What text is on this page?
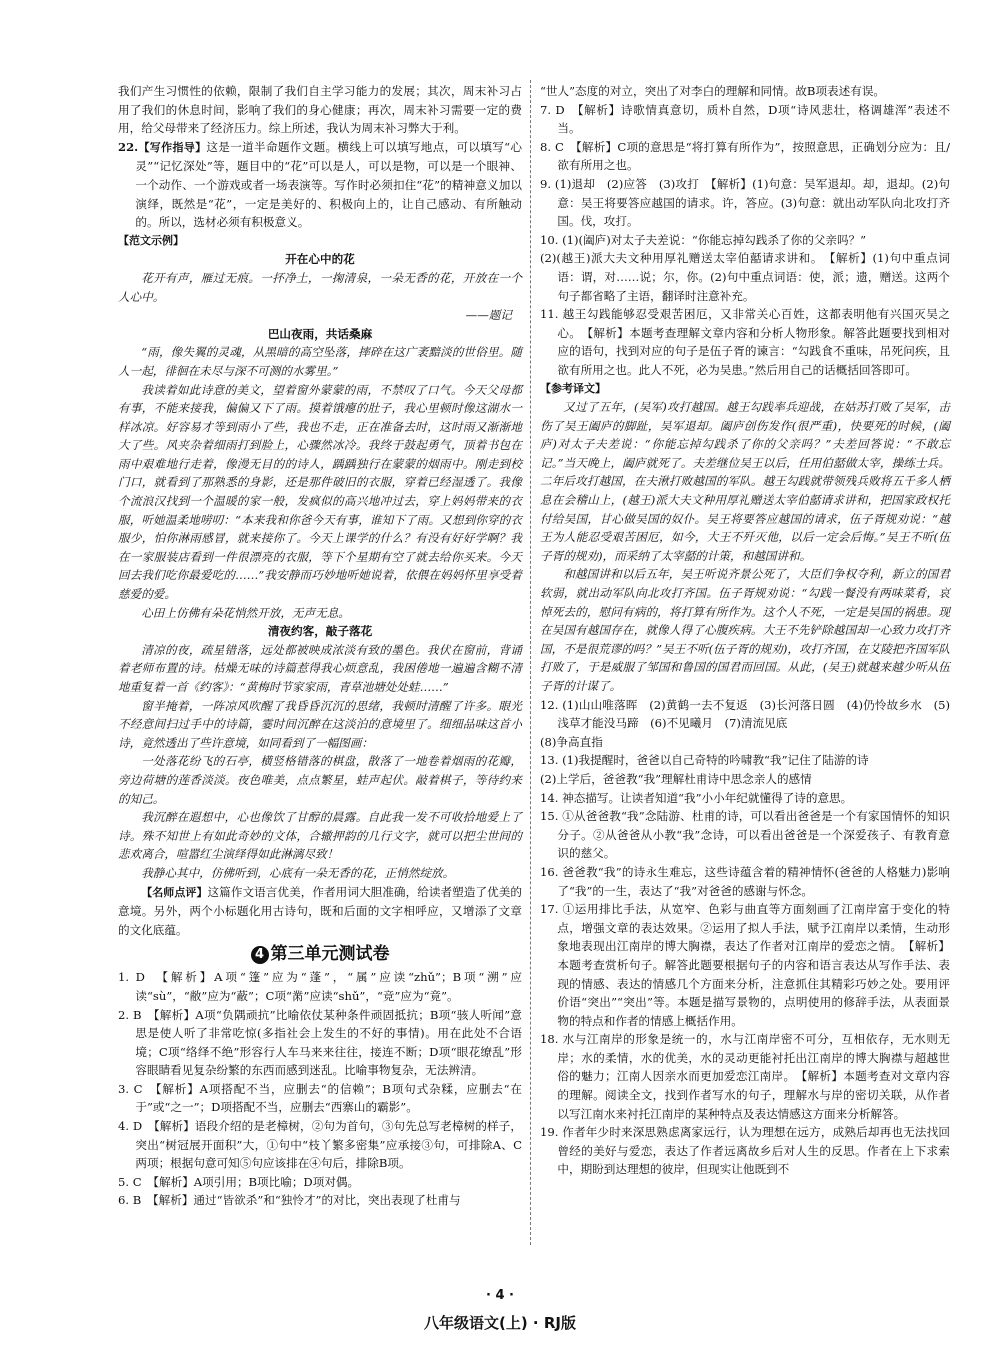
我们产生习惯性的依赖，限制了我们自主学习能力的发展；其次，周末补习占用了我们的休息时间，影响了我们的身心健康；再次，周末补习需要一定的费用，给父母带来了经济压力。综上所述，我认为周末补习弊大于利。

22.【写作指导】这是一道半命题作文题。横线上可以填写地点，可以填写“心灵”“记忆深处”等，题目中的“花”可以是人，可以是物，可以是一个眼神、一个动作、一个游戏或者一场表演等。写作时必须扣住“花”的精神意义加以演绎，既然是“花”，一定是美好的、积极向上的，让自己感动、有所触动的。所以，选材必须有积极意义。

【范文示例】

开在心中的花

花开有声，雁过无痕。一抔净土，一掬清泉，一朵无香的花，开放在一个人心中。

——题记

巴山夜雨，共话桑麻

“雨，像失翼的灵魂，从黑暗的高空坠落，摔碎在这广袤黯淡的世俗里。随人一起，徘徊在未尽与深不可测的水雾里。”

我读着如此诗意的美文，望着窗外蒙蒙的雨，不禁叹了口气。今天父母都有事，不能来接我，偏偏又下了雨。摸着饿瘪的肚子，我心里顿时像这湖水一样冰凉。好容易才等到雨小了些，我也不走，正在准备去时，这时雨又渐渐地大了些。风夹杂着细雨打到脸上，心骤然冰冷。我终于鼓起勇气，顶着书包在雨中艰难地行走着，像漫无目的的诗人，踽踽独行在蒙蒙的烟雨中。刚走到校门口，就看到了那熟悉的身影，还是那件破旧的衣服，穿着已经湿透了。我像个流浪汉找到一个温暖的家一般，发疯似的高兴地冲过去，穿上妈妈带来的衣服，听她温柔地唠叨：“本来我和你爸今天有事，谁知下了雨。又想到你穿的衣服少，怕你淋雨感冒，就来接你了。今天上课学的什么？有没有好好学啊？我在一家服装店看到一件很漂亮的衣服，等下个星期有空了就去给你买来。今天回去我们吃你最爱吃的……”我安静而巧妙地听她说着，依偎在妈妈怀里享受着慈爱的爱。

心田上仿佛有朵花悄然开放，无声无息。

清夜约客，敲子落花

清凉的夜，疏星错落，远处都被映成浓淡有致的墨色。我伏在窗前，背诵着老师布置的诗。枯燥无味的诗篇惹得我心烦意乱，我困倦地一遍遍含糊不清地重复着一首《约客》：“黄梅时节家家雨，青草池塘处处蛙……”

窗半掩着，一阵凉风吹醒了我昏昏沉沉的思绪，我顿时清醒了许多。眼光不经意间扫过手中的诗篇，霎时间沉醉在这淡泊的意境里了。细细品味这首小诗，竟然透出了些许意境，如同看到了一幅图画：

一处落花纷飞的石亭，横竖格错落的棋盘，散落了一地卷着烟雨的花瓣，旁边荷塘的莲香淡淡。夜色唯美，点点繁星，蛙声起伏。敲着棋子，等待约来的知己。

我沉醉在遐想中，心也像饮了甘醇的晨露。自此我一发不可收拾地爱上了诗。殊不知世上有如此奇妙的文体，合辙押韵的几行文字，就可以把尘世间的悲欢离合，喧嚣红尘演绎得如此淋漓尽致！

我静心其中，仿佛听到，心底有一朵无香的花，正悄然绽放。

【名师点评】这篇作文语言优美，作者用词大胆准确，给读者塑造了优美的意境。另外，两个小标题化用古诗句，既和后面的文字相呼应，又增添了文章的文化底蕴。

4 第三单元测试卷

1. D　【解析】A项“篷”应为“蓬”，“属”应读“zhǔ”；B项“溯”应读“sù”，“敝”应为“蔽”；C项“黹”应读“shǔ”，“竞”应为“竟”。

2. B　【解析】A项“负隅顽抗”比喻依仗某种条件顽固抵抗；B项“骇人听闻”意思是使人听了非常吃惊(多指社会上发生的不好的事情)。用在此处不合语境；C项“络绎不绝”形容行人车马来来往往，接连不断；D项“眼花缭乱”形容眼睛看见复杂纷繁的东西而感到迷乱。比喻事物复杂，无法辨清。

3. C　【解析】A项搭配不当，应删去“的信赖”；B项句式杂糅，应删去“在于”或“之一”；D项搭配不当，应删去“西寨山的霸影”。

4. D　【解析】语段介绍的是老樟树，②句为首句，③句先总写老樟树的样子，突出“树冠展开面积”大，①句中“枝丫繁多密集”应承接③句，可排除A、C两项；根据句意可知⑤句应该排在④句后，排除B项。

5. C　【解析】A项引用；B项比喻；D项对偶。

6. B　【解析】通过“皆欲杀”和“独怜才”的对比，突出表现了杜甫与

“世人”态度的对立，突出了对李白的理解和同情。故B项表述有误。

7. D　【解析】诗歌情真意切，质朴自然，D项“诗风悲壮，格调雄浑”表述不当。

8. C　【解析】C项的意思是“将打算有所作为”，按照意思，正确划分应为：且/欲有所用之也。

9. (1)退却　(2)应答　(3)攻打　【解析】(1)句意：吴军退却。却，退却。(2)句意：吴王将要答应越国的请求。许，答应。(3)句意：就出动军队向北攻打齐国。伐，攻打。

10. (1)(阖庐)对太子夫差说：“你能忘掉勾践杀了你的父亲吗？”

(2)(越王)派大夫文种用厚礼赠送太宰伯嚭请求讲和。　【解析】(1)句中重点词语：谓，对……说；尔，你。(2)句中重点词语：使，派；遗，赠送。这两个句子都省略了主语，翻译时注意补充。

11. 越王勾践能够忍受艰苦困厄，又非常关心百姓，这都表明他有兴国灭吴之心。　【解析】本题考查理解文章内容和分析人物形象。解答此题要找到相对应的语句，找到对应的句子是伍子胥的谏言：“勾践食不重味，吊死问疾，且欲有所用之也。此人不死，必为吴患。”然后用自己的话概括回答即可。

【参考译文】

又过了五年，(吴军)攻打越国。越王勾践率兵迎战，在姑苏打败了吴军，击伤了吴王阖庐的脚趾，吴军退却。阖庐创伤发作(很严重)，快要死的时候，(阖庐)对太子夫差说：“你能忘掉勾践杀了你的父亲吗？”夫差回答说：“不敢忘记。”当天晚上，阖庐就死了。夫差继位吴王以后，任用伯嚭做太宰，操练士兵。二年后攻打越国，在夫湫打败越国的军队。越王勾践就带领残兵败将五千多人栖息在会稽山上，(越王)派大夫文种用厚礼赠送太宰伯嚭请求讲和，把国家政权托付给吴国，甘心做吴国的奴仆。吴王将要答应越国的请求，伍子胥规劝说：“越王为人能忍受艰苦困厄，如今，大王不歼灭他，以后一定会后悔。”吴王不听(伍子胥的规劝)，而采纳了太宰嚭的计策，和越国讲和。

和越国讲和以后五年，吴王听说齐景公死了，大臣们争权夺利，新立的国君软弱，就出动军队向北攻打齐国。伍子胥规劝说：“勾践一餐没有两味菜肴，哀悼死去的，慰问有病的，将打算有所作为。这个人不死，一定是吴国的祸患。现在吴国有越国存在，就像人得了心腹疾病。大王不先铲除越国却一心致力攻打齐国，不是很荒谬的吗？”吴王不听(伍子胥的规劝)，攻打齐国，在艾陵把齐国军队打败了，于是威服了邹国和鲁国的国君而回国。从此，(吴王)就越来越少听从伍子胥的计谋了。

12. (1)山山唯落晖　(2)黄鹤一去不复返　(3)长河落日圆　(4)仍怜故乡水　(5)浅草才能没马蹄　(6)不见曦月　(7)清流见底

(8)争高直指

13. (1)我提醒时，爸爸以自己奇特的吟啸教“我”记住了陆游的诗

(2)上学后，爸爸教“我”理解杜甫诗中思念亲人的感情

14. 神态描写。让读者知道“我”小小年纪就懂得了诗的意思。

15. ①从爸爸教“我”念陆游、杜甫的诗，可以看出爸爸是一个有家国情怀的知识分子。②从爸爸从小教“我”念诗，可以看出爸爸是一个深爱孩子、有教育意识的慈父。

16. 爸爸教“我”的诗永生难忘，这些诗蕴含着的精神情怀(爸爸的人格魅力)影响了“我”的一生，表达了“我”对爸爸的感谢与怀念。

17. ①运用排比手法，从宽窄、色彩与曲直等方面刻画了江南岸富于变化的特点，增强文章的表达效果。②运用了拟人手法，赋予江南岸以柔情，生动形象地表现出江南岸的博大胸襟，表达了作者对江南岸的爱恋之情。　【解析】本题考查赏析句子。解答此题要根据句子的内容和语言表达从写作手法、表现的情感、表达的情感几个方面来分析，注意抓住其精彩巧妙之处。要用评价语“突出”“突出”等。本题是描写景物的，点明使用的修辞手法，从表面景物的特点和作者的情感上概括作用。

18. 水与江南岸的形象是统一的，水与江南岸密不可分，互相依存，无水则无岸；水的柔情，水的优美，水的灵动更能衬托出江南岸的博大胸襟与超越世俗的魅力；江南人因亲水而更加爱恋江南岸。　【解析】本题考查对文章内容的理解。阅读全文，找到作者写水的句子，理解水与岸的密切关联，从作者以写江南水来衬托江南岸的某种特点及表达情感这方面来分析解答。

19. 作者年少时来深思熟虑离家远行，认为理想在远方，成熟后却再也无法找回曾经的美好与爱恋，表达了作者远离故乡后对人生的反思。作者在上下求索中，期盼到达理想的彼岸，但现实让他既到不

· 4 ·
八年级语文(上) · RJ版
